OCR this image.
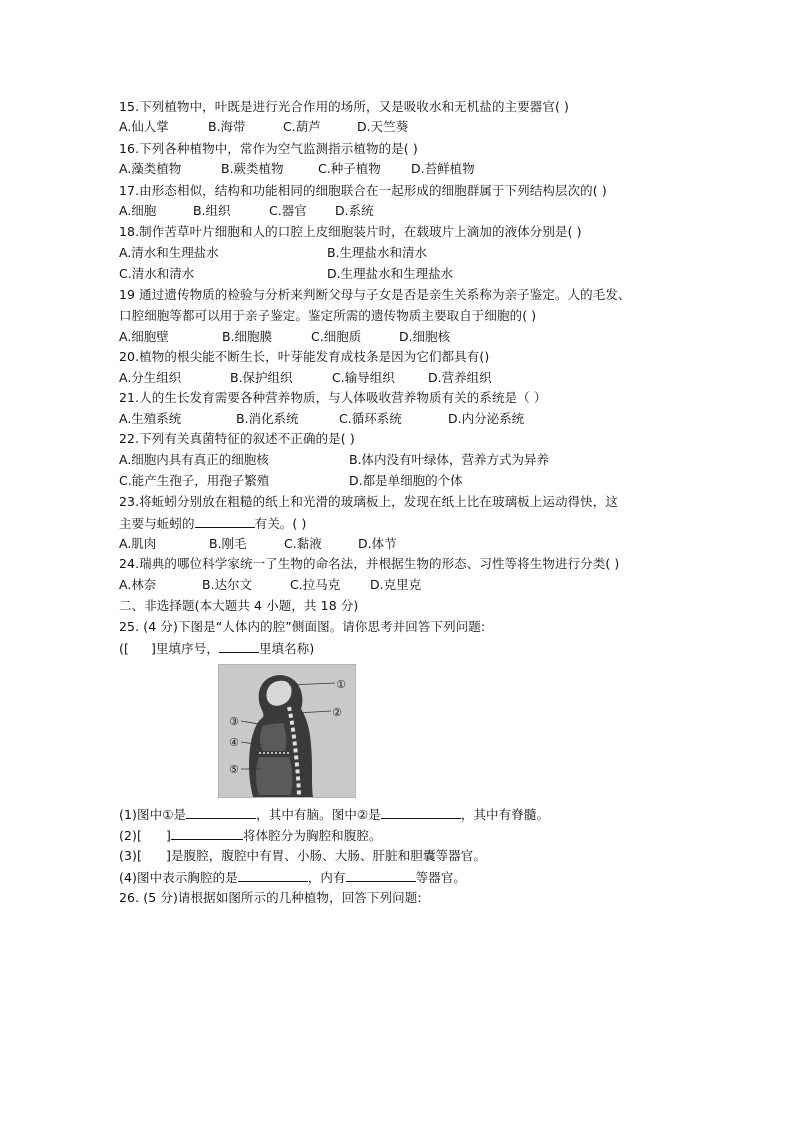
15.下列植物中，叶既是进行光合作用的场所，又是吸收水和无机盐的主要器官( )
A.仙人掌	B.海带	C.葫芦	D.天竺葵
16.下列各种植物中，常作为空气监测指示植物的是( )
A.藻类植物	B.蕨类植物	C.种子植物 D.苔鲜植物
17.由形态相似，结构和功能相同的细胞联合在一起形成的细胞群属于下列结构层次的( )
A.细胞	B.组织	C.器官 D.系统
18.制作苦草叶片细胞和人的口腔上皮细胞装片时，在载玻片上滴加的液体分别是( )
A.清水和生理盐水	B.生理盐水和清水
C.清水和清水	D.生理盐水和生理盐水
19 通过遗传物质的检验与分析来判断父母与子女是否是亲生关系称为亲子鉴定。人的毛发、
口腔细胞等都可以用于亲子鉴定。鉴定所需的遗传物质主要取自于细胞的( )
A.细胞壁	B.细胞膜	C.细胞质	D.细胞核
20.植物的根尖能不断生长，叶芽能发育成枝条是因为它们都具有()
A.分生组织	B.保护组织	C.输导组织	D.营养组织
21.人的生长发育需要各种营养物质，与人体吸收营养物质有关的系统是（ ）
A.生殖系统	B.消化系统	C.循环系统	D.内分泌系统
22.下列有关真菌特征的叙述不正确的是( )
A.细胞内具有真正的细胞核	B.体内没有叶绿体，营养方式为异养
C.能产生孢子，用孢子繁殖	D.都是单细胞的个体
23.将蚯蚓分别放在粗糙的纸上和光滑的玻璃板上，发现在纸上比在玻璃板上运动得快，这
主要与蚯蚓的	有关。( )
A.肌肉	B.刚毛	C.黏液	D.体节
24.瑞典的哪位科学家统一了生物的命名法，并根据生物的形态、习性等将生物进行分类( )
A.林奈	B.达尔文	C.拉马克 D.克里克
二、非选择题(本大题共 4 小题，共 18 分)
25. (4 分)下图是“人体内的腔”侧面图。请你思考并回答下列问题:
([ ]里填序号，	里填名称)
①
②
③
④
⑤
(1)图中①是	，其中有脑。图中②是	，其中有脊髓。
(2)[ ]	将体腔分为胸腔和腹腔。
(3)[ ]是腹腔，腹腔中有胃、小肠、大肠、肝脏和胆囊等器官。
(4)图中表示胸腔的是	，内有	等器官。
26. (5 分)请根据如图所示的几种植物，回答下列问题:
